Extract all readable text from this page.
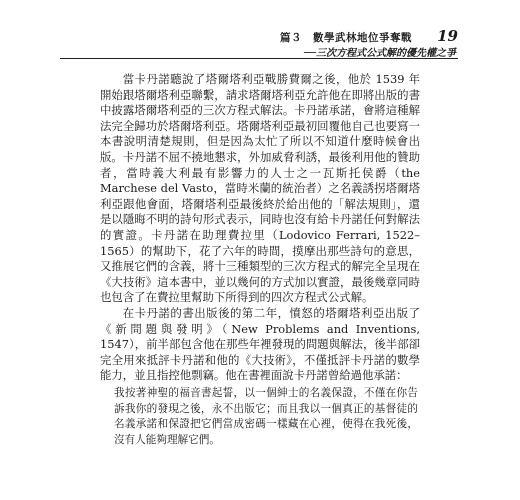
篇３　數學武林地位爭奪戰
──三次方程式公式解的優先權之爭
19

當卡丹諾聽說了塔爾塔利亞戰勝費爾之後，他於 1539 年開始跟塔爾塔利亞聯繫，請求塔爾塔利亞允許他在即將出版的書中披露塔爾塔利亞的三次方程式解法。卡丹諾承諾，會將這種解法完全歸功於塔爾塔利亞。塔爾塔利亞最初回覆他自己也要寫一本書說明清楚規則，但是因為太忙了所以不知道什麼時候會出版。卡丹諾不屈不撓地懇求，外加威脅利誘，最後利用他的贊助者，當時義大利最有影響力的人士之一瓦斯托侯爵（the Marchese del Vasto，當時米蘭的統治者）之名義誘拐塔爾塔利亞跟他會面，塔爾塔利亞最後終於給出他的「解法規則」，還是以隱晦不明的詩句形式表示，同時也沒有給卡丹諾任何對解法的實證。卡丹諾在助理費拉里（Lodovico Ferrari, 1522–1565）的幫助下，花了六年的時間，摸摩出那些詩句的意思，又推展它們的含義，將十三種類型的三次方程式的解完全呈現在《大技術》這本書中，並以幾何的方式加以實證，最後幾章同時也包含了在費拉里幫助下所得到的四次方程式公式解。

在卡丹諾的書出版後的第二年，憤怒的塔爾塔利亞出版了《新問題與發明》（New Problems and Inventions, 1547），前半部包含他在那些年裡發現的問題與解法，後半部卻完全用來抵評卡丹諾和他的《大技術》，不僅抵評卡丹諾的數學能力，並且指控他剽竊。他在書裡面說卡丹諾曾給過他承諾：

我按著神聖的福音書起誓，以一個紳士的名義保證，不僅在你告訴我你的發現之後，永不出版它；而且我以一個真正的基督徒的名義承諾和保證把它們當成密碼一樣藏在心裡，使得在我死後，沒有人能夠理解它們。
